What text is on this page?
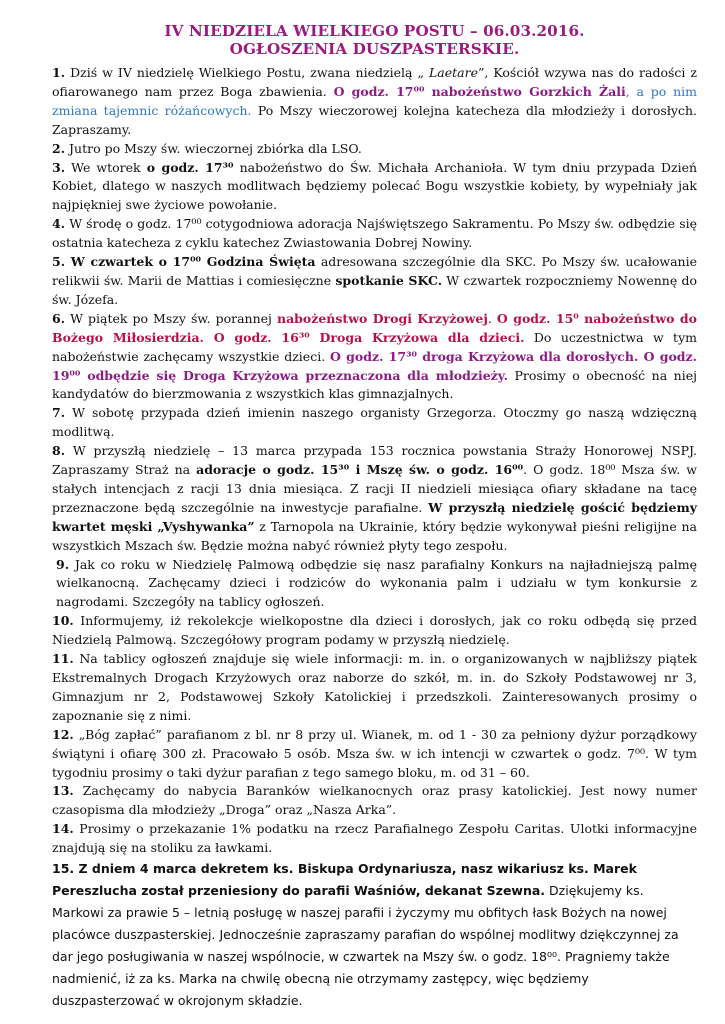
IV NIEDZIELA WIELKIEGO POSTU – 06.03.2016.
OGŁOSZENIA DUSZPASTERSKIE.

1. Dziś w IV niedzielę Wielkiego Postu, zwana niedzielą „ Laetare”, Kościół wzywa nas do radości z ofiarowanego nam przez Boga zbawienia. O godz. 17⁰⁰ nabożeństwo Gorzkich Żali, a po nim zmiana tajemnic różańcowych. Po Mszy wieczorowej kolejna katecheza dla młodzieży i dorosłych. Zapraszamy.

2. Jutro po Mszy św. wieczornej zbiórka dla LSO.

3. We wtorek o godz. 17³⁰ nabożeństwo do Św. Michała Archanioła. W tym dniu przypada Dzień Kobiet, dlatego w naszych modlitwach będziemy polecać Bogu wszystkie kobiety, by wypełniały jak najpiękniej swe życiowe powołanie.

4. W środę o godz. 17⁰⁰ cotygodniowa adoracja Najświętszego Sakramentu. Po Mszy św. odbędzie się ostatnia katecheza z cyklu katechez Zwiastowania Dobrej Nowiny.

5. W czwartek o 17⁰⁰ Godzina Święta adresowana szczególnie dla SKC. Po Mszy św. ucałowanie relikwii św. Marii de Mattias i comiesięczne spotkanie SKC. W czwartek rozpoczniemy Nowennę do św. Józefa.

6. W piątek po Mszy św. porannej nabożeństwo Drogi Krzyżowej. O godz. 15⁰ nabożeństwo do Bożego Miłosierdzia. O godz. 16³⁰ Droga Krzyżowa dla dzieci. Do uczestnictwa w tym nabożeństwie zachęcamy wszystkie dzieci. O godz. 17³⁰ droga Krzyżowa dla dorosłych. O godz. 19⁰⁰ odbędzie się Droga Krzyżowa przeznaczona dla młodzieży. Prosimy o obecność na niej kandydatów do bierzmowania z wszystkich klas gimnazjalnych.

7. W sobotę przypada dzień imienin naszego organisty Grzegorza. Otoczmy go naszą wdzięczną modlitwą.

8. W przyszłą niedzielę – 13 marca przypada 153 rocznica powstania Straży Honorowej NSPJ. Zapraszamy Straż na adoracje o godz. 15³⁰ i Mszę św. o godz. 16⁰⁰. O godz. 18⁰⁰ Msza św. w stałych intencjach z racji 13 dnia miesiąca. Z racji II niedzieli miesiąca ofiary składane na tacę przeznaczone będą szczególnie na inwestycje parafialne. W przyszłą niedzielę gościć będziemy kwartet męski „Vyshywanka” z Tarnopola na Ukrainie, który będzie wykonywał pieśni religijne na wszystkich Mszach św. Będzie można nabyć również płyty tego zespołu.

9. Jak co roku w Niedzielę Palmową odbędzie się nasz parafialny Konkurs na najładniejszą palmę wielkanocną. Zachęcamy dzieci i rodziców do wykonania palm i udziału w tym konkursie z nagrodami. Szczegóły na tablicy ogłoszeń.

10. Informujemy, iż rekolekcje wielkopostne dla dzieci i dorosłych, jak co roku odbędą się przed Niedzielą Palmową. Szczegółowy program podamy w przyszłą niedzielę.

11. Na tablicy ogłoszeń znajduje się wiele informacji: m. in. o organizowanych w najbliższy piątek Ekstremalnych Drogach Krzyżowych oraz naborze do szkół, m. in. do Szkoły Podstawowej nr 3, Gimnazjum nr 2, Podstawowej Szkoły Katolickiej i przedszkoli. Zainteresowanych prosimy o zapoznanie się z nimi.

12. „Bóg zapłać” parafianom z bl. nr 8 przy ul. Wianek, m. od 1 - 30 za pełniony dyżur porządkowy świątyni i ofiarę 300 zł. Pracowało 5 osób. Msza św. w ich intencji w czwartek o godz. 7⁰⁰. W tym tygodniu prosimy o taki dyżur parafian z tego samego bloku, m. od 31 – 60.

13. Zachęcamy do nabycia Baranków wielkanocnych oraz prasy katolickiej. Jest nowy numer czasopisma dla młodzieży „Droga” oraz „Nasza Arka”.

14. Prosimy o przekazanie 1% podatku na rzecz Parafialnego Zespołu Caritas. Ulotki informacyjne znajdują się na stoliku za ławkami.

15. Z dniem 4 marca dekretem ks. Biskupa Ordynariusza, nasz wikariusz ks. Marek Pereszlucha został przeniesiony do parafii Waśniów, dekanat Szewna. Dziękujemy ks. Markowi za prawie 5 – letnią posługę w naszej parafii i życzymy mu obfitych łask Bożych na nowej placówce duszpasterskiej. Jednocześnie zapraszamy parafian do wspólnej modlitwy dziękczynnej za dar jego posługiwania w naszej wspólnocie, w czwartek na Mszy św. o godz. 18⁰⁰. Pragniemy także nadmienić, iż za ks. Marka na chwilę obecną nie otrzymamy zastępcy, więc będziemy duszpasterzować w okrojonym składzie.
